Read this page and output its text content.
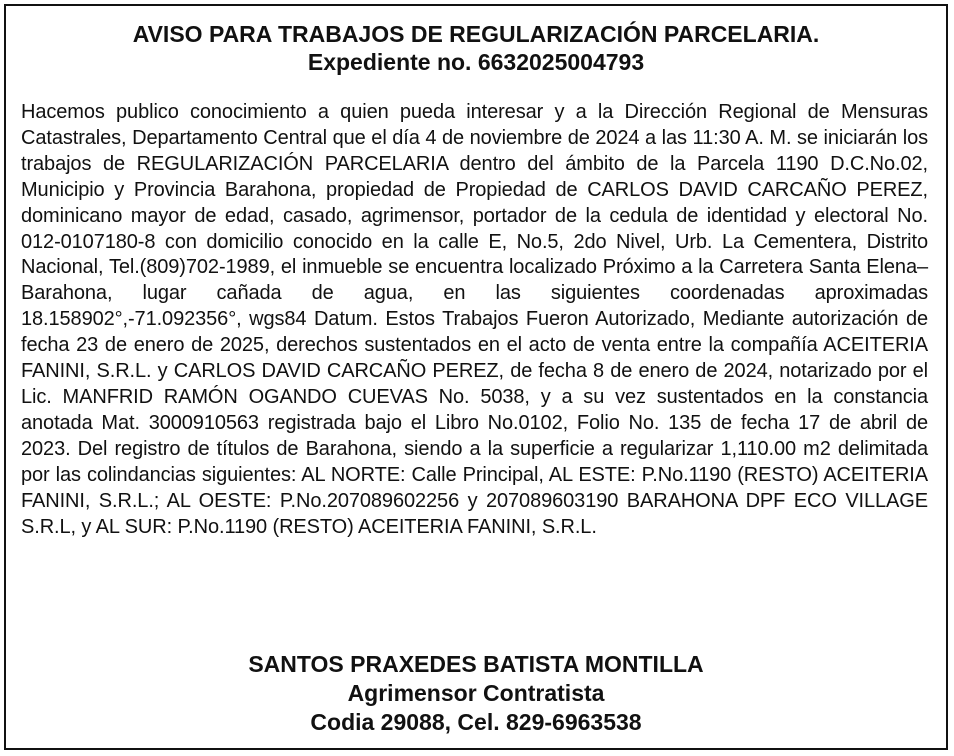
AVISO PARA TRABAJOS DE REGULARIZACIÓN PARCELARIA.
Expediente no. 6632025004793

Hacemos publico conocimiento a quien pueda interesar y a la Dirección Regional de Mensuras Catastrales, Departamento Central que el día 4 de noviembre de 2024 a las 11:30 A. M. se iniciarán los trabajos de REGULARIZACIÓN PARCELARIA dentro del ámbito de la Parcela 1190 D.C.No.02, Municipio y Provincia Barahona, propiedad de Propiedad de CARLOS DAVID CARCAÑO PEREZ, dominicano mayor de edad, casado, agrimensor, portador de la cedula de identidad y electoral No. 012-0107180-8 con domicilio conocido en la calle E, No.5, 2do Nivel, Urb. La Cementera, Distrito Nacional, Tel.(809)702-1989, el inmueble se encuentra localizado Próximo a la Carretera Santa Elena–Barahona, lugar cañada de agua, en las siguientes coordenadas aproximadas 18.158902°,-71.092356°, wgs84 Datum. Estos Trabajos Fueron Autorizado, Mediante autorización de fecha 23 de enero de 2025, derechos sustentados en el acto de venta entre la compañía ACEITERIA FANINI, S.R.L. y CARLOS DAVID CARCAÑO PEREZ, de fecha 8 de enero de 2024, notarizado por el Lic. MANFRID RAMÓN OGANDO CUEVAS No. 5038, y a su vez sustentados en la constancia anotada Mat. 3000910563 registrada bajo el Libro No.0102, Folio No. 135 de fecha 17 de abril de 2023. Del registro de títulos de Barahona, siendo a la superficie a regularizar 1,110.00 m2 delimitada por las colindancias siguientes: AL NORTE: Calle Principal, AL ESTE: P.No.1190 (RESTO) ACEITERIA FANINI, S.R.L.; AL OESTE: P.No.207089602256 y 207089603190 BARAHONA DPF ECO VILLAGE S.R.L, y AL SUR: P.No.1190 (RESTO) ACEITERIA FANINI, S.R.L.

SANTOS PRAXEDES BATISTA MONTILLA
Agrimensor Contratista
Codia 29088, Cel. 829-6963538
